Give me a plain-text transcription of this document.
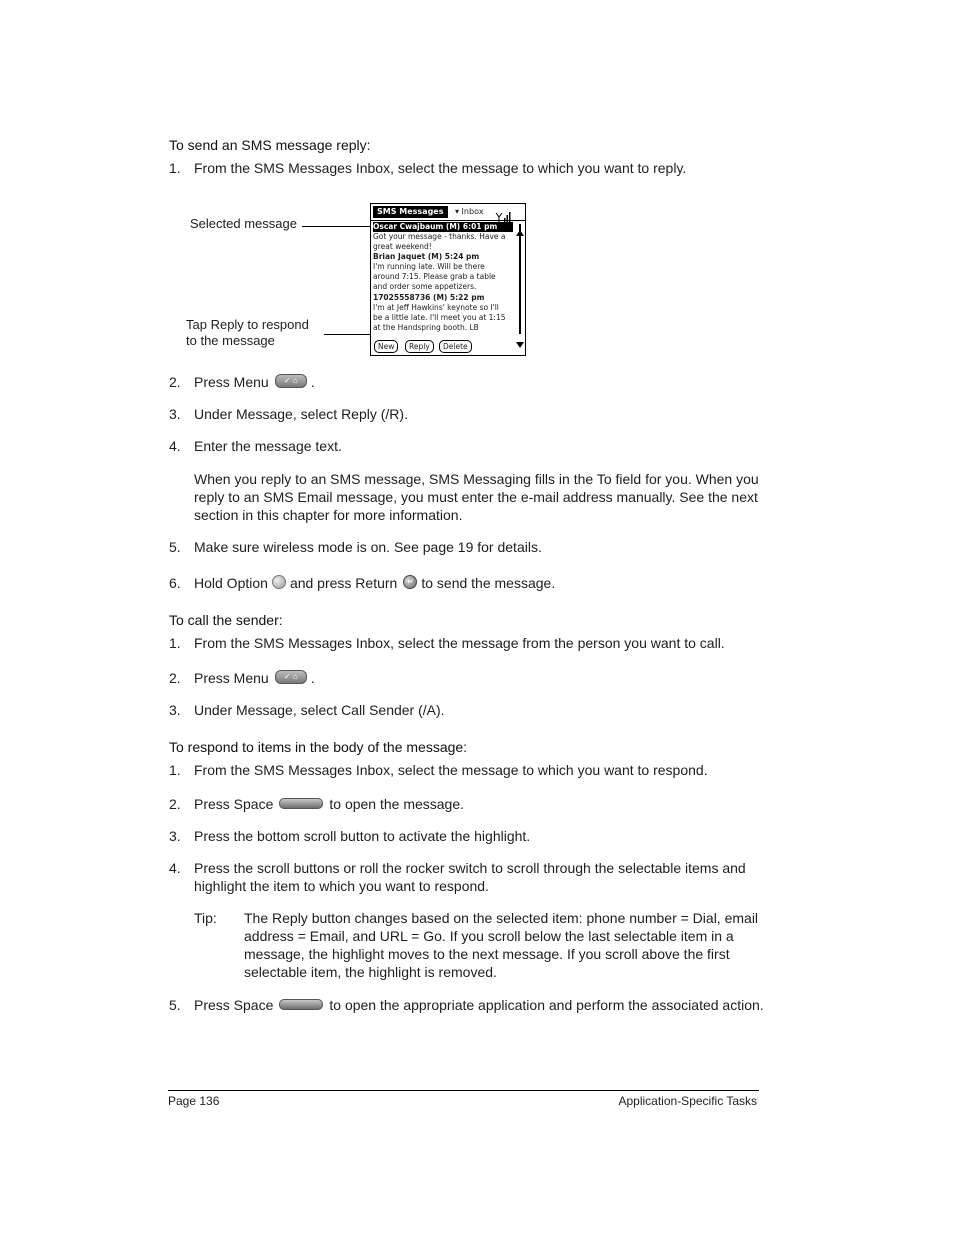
To send an SMS message reply:
1. From the SMS Messages Inbox, select the message to which you want to reply.
Selected message
Tap Reply to respond to the message
SMS Messages	▾ Inbox
Oscar Cwajbaum (M) 6:01 pm
Got your message - thanks. Have a
great weekend!
Brian Jaquet (M) 5:24 pm
I'm running late. Will be there
around 7:15. Please grab a table
and order some appetizers.
17025558736 (M) 5:22 pm
I'm at Jeff Hawkins' keynote so I'll
be a little late. I'll meet you at 1:15
at the Handspring booth. LB
New	Reply	Delete
2. Press Menu ✓ ⌂ .
3. Under Message, select Reply (/R).
4. Enter the message text.
When you reply to an SMS message, SMS Messaging fills in the To field for you. When you reply to an SMS Email message, you must enter the e-mail address manually. See the next section in this chapter for more information.
5. Make sure wireless mode is on. See page 19 for details.
6. Hold Option and press Return ↵ to send the message.
To call the sender:
1. From the SMS Messages Inbox, select the message from the person you want to call.
2. Press Menu ✓ ⌂ .
3. Under Message, select Call Sender (/A).
To respond to items in the body of the message:
1. From the SMS Messages Inbox, select the message to which you want to respond.
2. Press Space	to open the message.
3. Press the bottom scroll button to activate the highlight.
4. Press the scroll buttons or roll the rocker switch to scroll through the selectable items and highlight the item to which you want to respond.
Tip: The Reply button changes based on the selected item: phone number = Dial, email address = Email, and URL = Go. If you scroll below the last selectable item in a message, the highlight moves to the next message. If you scroll above the first selectable item, the highlight is removed.
5. Press Space	to open the appropriate application and perform the associated action.
Page 136	Application-Specific Tasks
